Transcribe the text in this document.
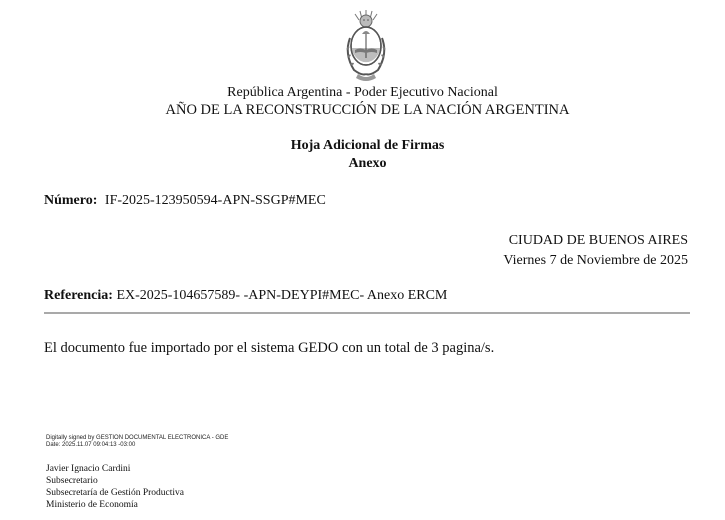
República Argentina - Poder Ejecutivo Nacional
AÑO DE LA RECONSTRUCCIÓN DE LA NACIÓN ARGENTINA
Hoja Adicional de Firmas
Anexo
Número: IF-2025-123950594-APN-SSGP#MEC
CIUDAD DE BUENOS AIRES
Viernes 7 de Noviembre de 2025
Referencia: EX-2025-104657589- -APN-DEYPI#MEC- Anexo ERCM
El documento fue importado por el sistema GEDO con un total de 3 pagina/s.
Digitally signed by GESTION DOCUMENTAL ELECTRONICA - GDE
Date: 2025.11.07 09:04:13 -03:00
Javier Ignacio Cardini
Subsecretario
Subsecretaría de Gestión Productiva
Ministerio de Economía
